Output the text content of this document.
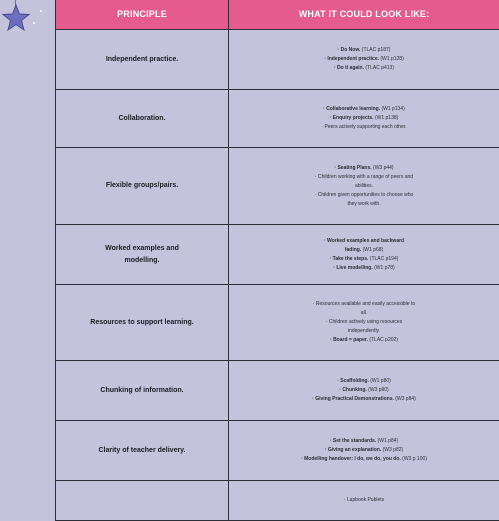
PRINCIPLE	WHAT IT COULD LOOK LIKE:
Independent practice.	· Do Now. (TLAC p187)
· Independent practice. (W1 p128)
· Do it again. (TLAC p413)

Collaboration.	· Collaborative learning. (W1 p134)
· Enquiry projects. (W1 p138)
· Peers actively supporting each other.

Flexible groups/pairs.	· Seating Plans. (W3 p44)
· Children working with a range of peers and
abilities.
· Children given opportunities to choose who
they work with.

Worked examples and modelling.	· Worked examples and backward
fading. (W1 p68)
· Take the steps. (TLAC p194)
· Live modelling. (W1 p78)

Resources to support learning.	· Resources available and easily accessible to
all.
· Children actively using resources
independently.
· Board = paper. (TLAC p202)

Chunking of information.	· Scaffolding. (W1 p80)
· Chunking. (W3 p90)
· Giving Practical Demonstrations. (W3 p84)

Clarity of teacher delivery.	· Set the standards. (W1 p84)
· Giving an explanation. (W3 p82)
· Modelling handover: I do, we do, you do. (W3 p 100)

	· Lapbook Publets
